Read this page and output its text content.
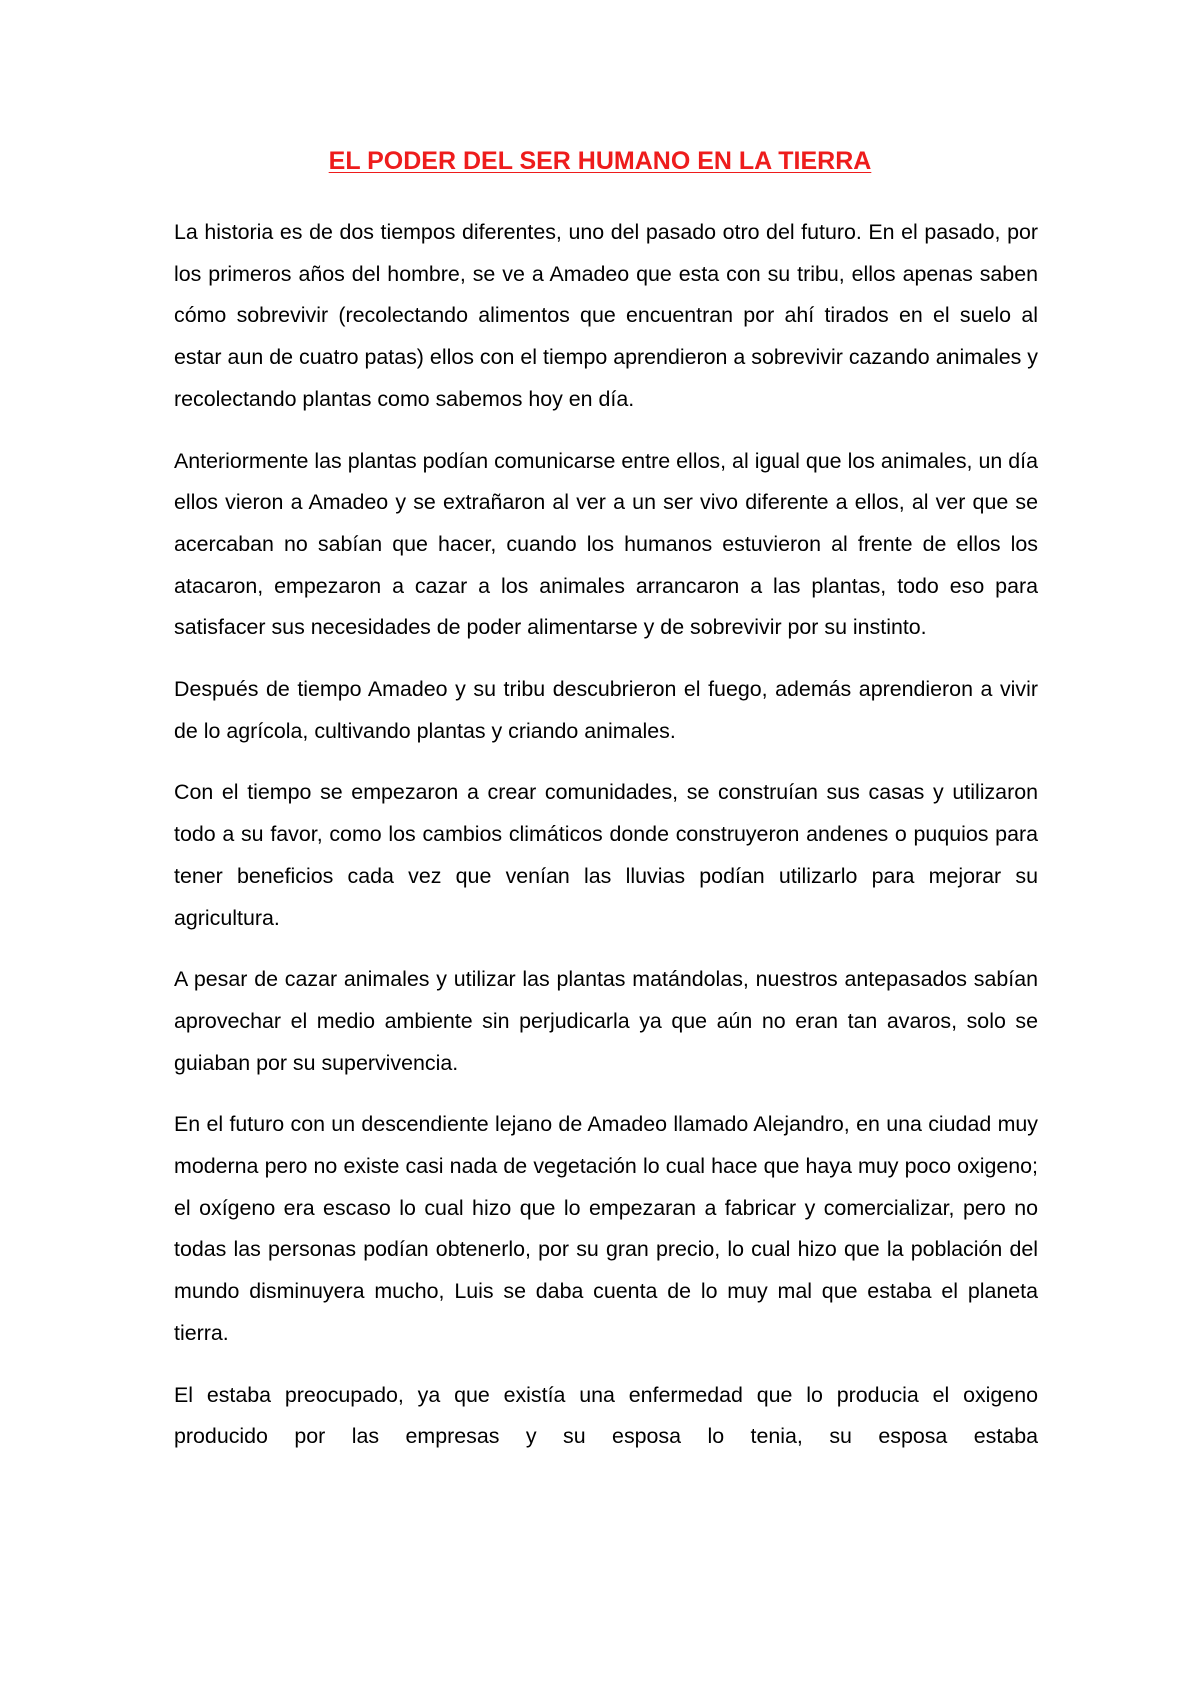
EL PODER DEL SER HUMANO EN LA TIERRA

La historia es de dos tiempos diferentes, uno del pasado otro del futuro. En el pasado, por los primeros años del hombre, se ve a Amadeo que esta con su tribu, ellos apenas saben cómo sobrevivir (recolectando alimentos que encuentran por ahí tirados en el suelo al estar aun de cuatro patas) ellos con el tiempo aprendieron a sobrevivir cazando animales y recolectando plantas como sabemos hoy en día.

Anteriormente las plantas podían comunicarse entre ellos, al igual que los animales, un día ellos vieron a Amadeo y se extrañaron al ver a un ser vivo diferente a ellos, al ver que se acercaban no sabían que hacer, cuando los humanos estuvieron al frente de ellos los atacaron, empezaron a cazar a los animales arrancaron a las plantas, todo eso para satisfacer sus necesidades de poder alimentarse y de sobrevivir por su instinto.

Después de tiempo Amadeo y su tribu descubrieron el fuego, además aprendieron a vivir de lo agrícola, cultivando plantas y criando animales.

Con el tiempo se empezaron a crear comunidades, se construían sus casas y utilizaron todo a su favor, como los cambios climáticos donde construyeron andenes o puquios para tener beneficios cada vez que venían las lluvias podían utilizarlo para mejorar su agricultura.

A pesar de cazar animales y utilizar las plantas matándolas, nuestros antepasados sabían aprovechar el medio ambiente sin perjudicarla ya que aún no eran tan avaros, solo se guiaban por su supervivencia.

En el futuro con un descendiente lejano de Amadeo llamado Alejandro, en una ciudad muy moderna pero no existe casi nada de vegetación lo cual hace que haya muy poco oxigeno; el oxígeno era escaso lo cual hizo que lo empezaran a fabricar y comercializar, pero no todas las personas podían obtenerlo, por su gran precio, lo cual hizo que la población del mundo disminuyera mucho, Luis se daba cuenta de lo muy mal que estaba el planeta tierra.

El estaba preocupado, ya que existía una enfermedad que lo producia el oxigeno producido por las empresas y su esposa lo tenia, su esposa estaba
